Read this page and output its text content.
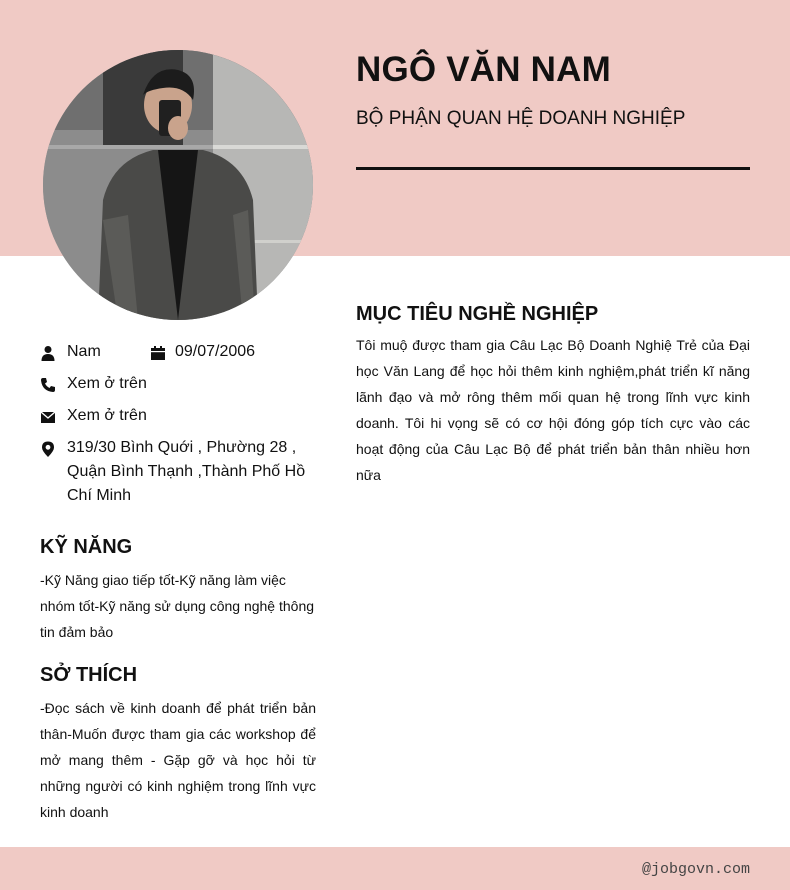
NGÔ VĂN NAM
BỘ PHẬN QUAN HỆ DOANH NGHIỆP
Nam	09/07/2006
Xem ở trên
Xem ở trên
319/30 Bình Quới , Phường 28 , Quận Bình Thạnh ,Thành Phố Hồ Chí Minh
KỸ NĂNG
-Kỹ Năng giao tiếp tốt-Kỹ năng làm việc nhóm tốt-Kỹ năng sử dụng công nghệ thông tin đảm bảo
SỞ THÍCH
-Đọc sách về kinh doanh để phát triển bản thân-Muốn được tham gia các workshop để mở mang thêm - Gặp gỡ và học hỏi từ những người có kinh nghiệm trong lĩnh vực kinh doanh
MỤC TIÊU NGHỀ NGHIỆP
Tôi muộ được tham gia Câu Lạc Bộ Doanh Nghiệ Trẻ của Đại học Văn Lang để học hỏi thêm kinh nghiệm,phát triển kĩ năng lãnh đạo và mở rông thêm mối quan hệ trong lĩnh vực kinh doanh. Tôi hi vọng sẽ có cơ hội đóng góp tích cực vào các hoạt động của Câu Lạc Bộ để phát triển bản thân nhiều hơn nữa
@jobgovn.com
